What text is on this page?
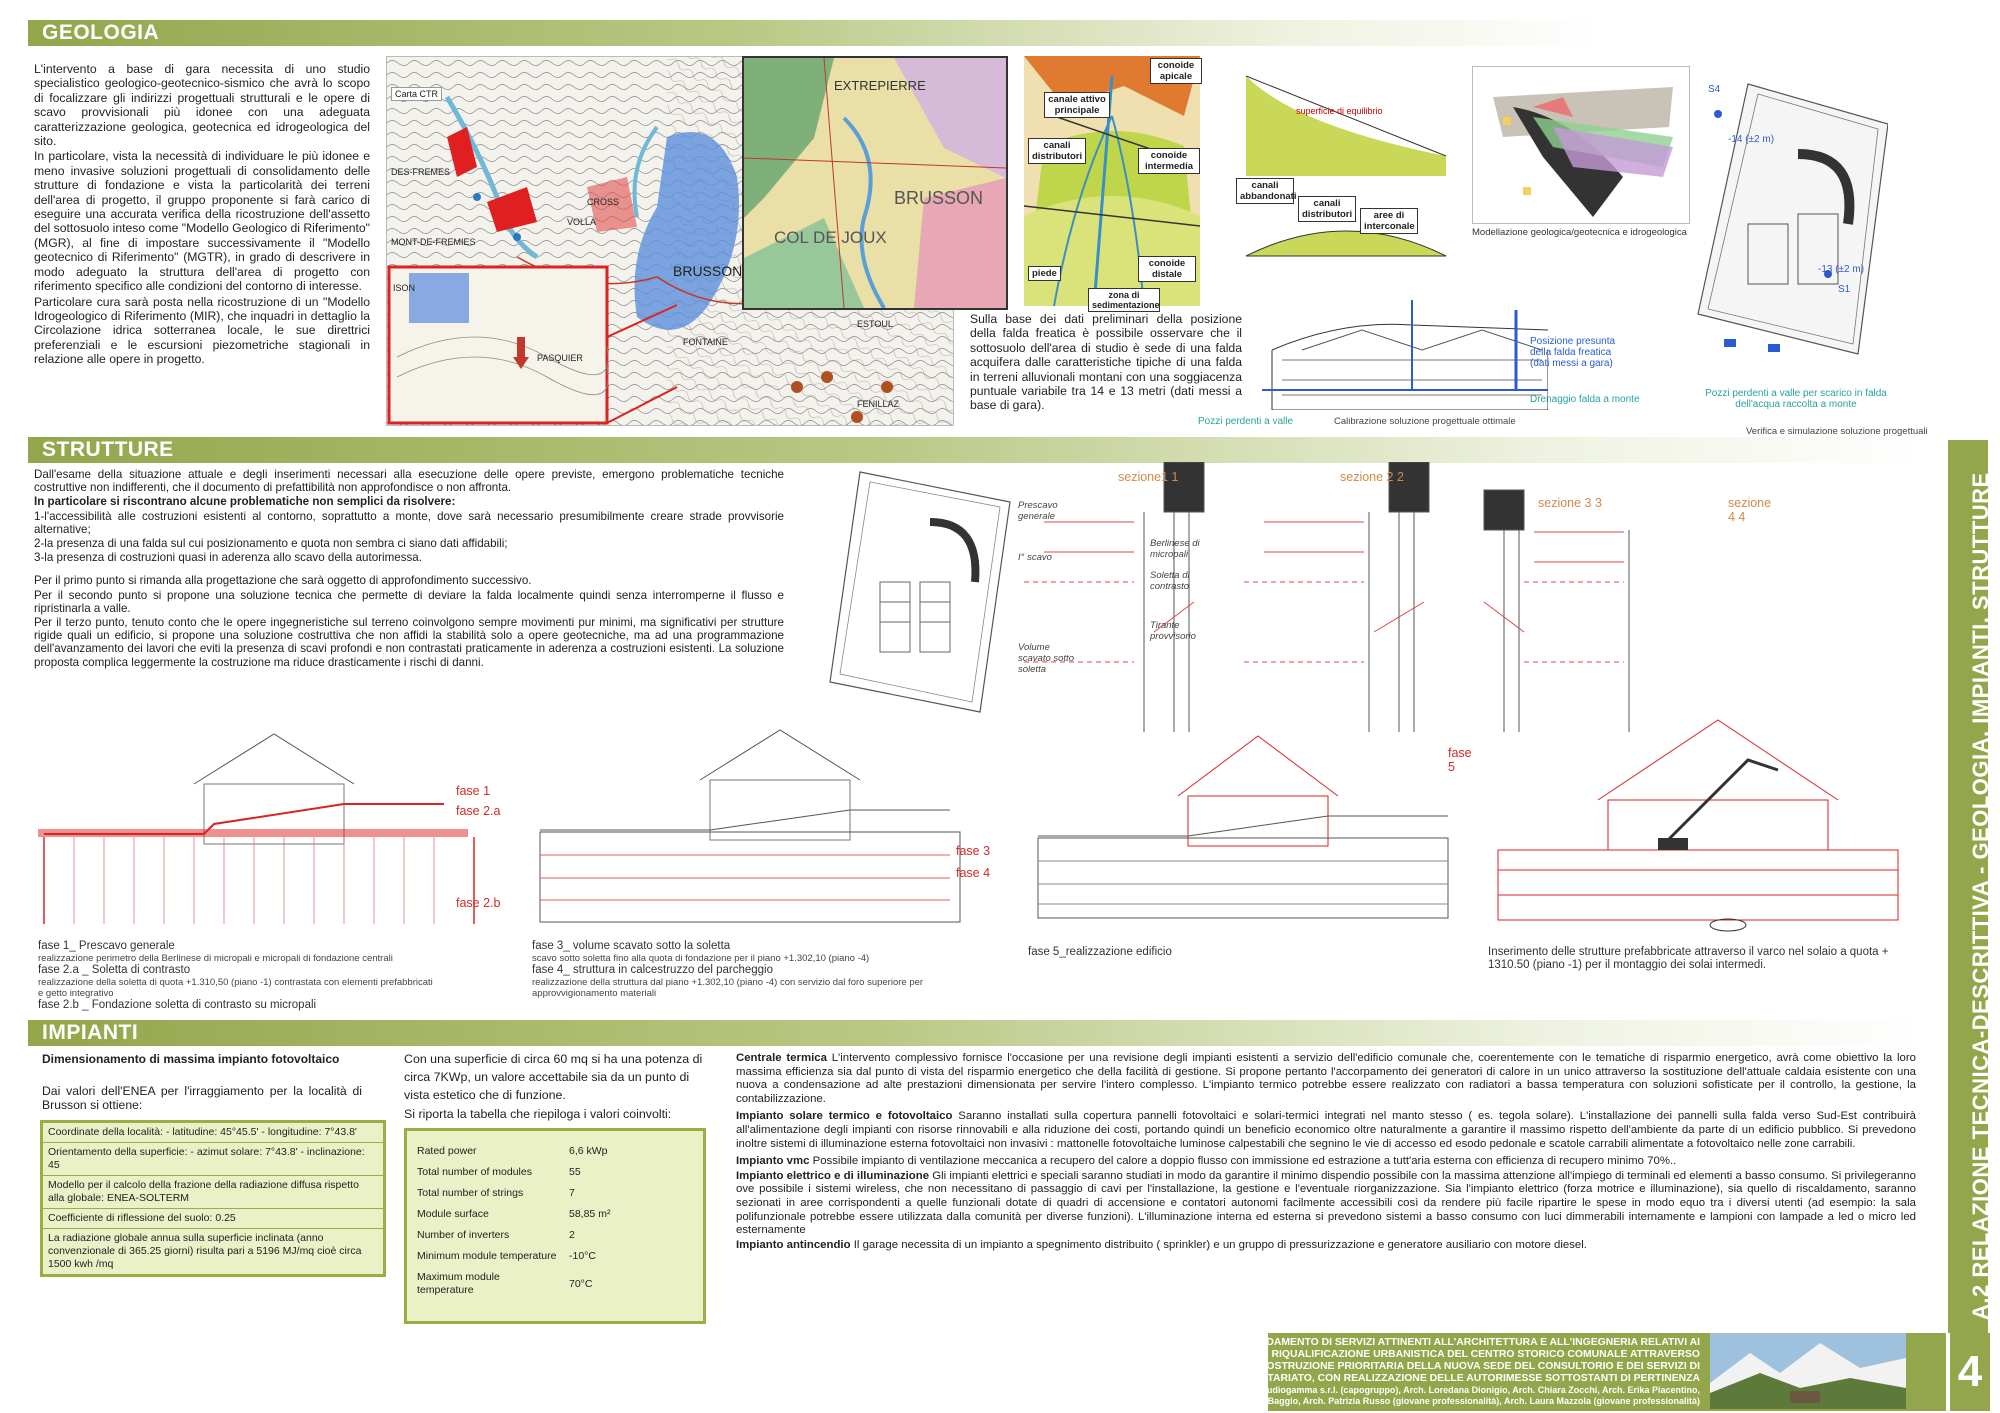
GEOLOGIA

L'intervento a base di gara necessita di uno studio specialistico geologico-geotecnico-sismico che avrà lo scopo di focalizzare gli indirizzi progettuali strutturali e le opere di scavo provvisionali più idonee con una adeguata caratterizzazione geologica, geotecnica ed idrogeologica del sito.

In particolare, vista la necessità di individuare le più idonee e meno invasive soluzioni progettuali di consolidamento delle strutture di fondazione e vista la particolarità dei terreni dell'area di progetto, il gruppo proponente si farà carico di eseguire una accurata verifica della ricostruzione dell'assetto del sottosuolo inteso come "Modello Geologico di Riferimento" (MGR), al fine di impostare successivamente il "Modello geotecnico di Riferimento" (MGTR), in grado di descrivere in modo adeguato la struttura dell'area di progetto con riferimento specifico alle condizioni del contorno di interesse.

Particolare cura sarà posta nella ricostruzione di un "Modello Idrogeologico di Riferimento (MIR), che inquadri in dettaglio la Circolazione idrica sotterranea locale, le sue direttrici preferenziali e le escursioni piezometriche stagionali in relazione alle opere in progetto.

Carta CTR
DES-FREMES
MONT-DE-FREMIES
BRUSSON
CROSS
VOLLA
ESTOUL
FENILLAZ
FONTAINE
PASQUIER
ISON
EXTREPIERRE
BRUSSON
COL DE JOUX
conoide apicale
canale attivo principale
canali distributori	conoide intermedia
conoide distale
piede
zona di sedimentazione
canali abbandonati
canali distributori	aree di interconale
superficie di equilibrio
Modellazione geologica/geotecnica e idrogeologica
S4
-14 (±2 m)
-13 (±2 m)
S1
Pozzi perdenti a valle per scarico in falda dell'acqua raccolta a monte
Verifica e simulazione soluzione progettuali
Sulla base dei dati preliminari della posizione della falda freatica è possibile osservare che il sottosuolo dell'area di studio è sede di una falda acquifera dalle caratteristiche tipiche di una falda in terreni alluvionali montani con una soggiacenza puntuale variabile tra 14 e 13 metri (dati messi a base di gara).
Posizione presunta della falda freatica (dati messi a gara)
Pozzi perdenti a valle	Calibrazione soluzione progettuale ottimale
Drenaggio falda a monte
STRUTTURE

Dall'esame della situazione attuale e degli inserimenti necessari alla esecuzione delle opere previste, emergono problematiche tecniche costruttive non indifferenti, che il documento di prefattibilità non approfondisce o non affronta.

In particolare si riscontrano alcune problematiche non semplici da risolvere:

1-l'accessibilità alle costruzioni esistenti al contorno, soprattutto a monte, dove sarà necessario presumibilmente creare strade provvisorie alternative;

2-la presenza di una falda sul cui posizionamento e quota non sembra ci siano dati affidabili;

3-la presenza di costruzioni quasi in aderenza allo scavo della autorimessa.

Per il primo punto si rimanda alla progettazione che sarà oggetto di approfondimento successivo.

Per il secondo punto si propone una soluzione tecnica che permette di deviare la falda localmente quindi senza interromperne il flusso e ripristinarla a valle.

Per il terzo punto, tenuto conto che le opere ingegneristiche sul terreno coinvolgono sempre movimenti pur minimi, ma significativi per strutture rigide quali un edificio, si propone una soluzione costruttiva che non affidi la stabilità solo a opere geotecniche, ma ad una programmazione dell'avanzamento dei lavori che eviti la presenza di scavi profondi e non contrastati praticamente in aderenza a costruzioni esistenti. La soluzione proposta complica leggermente la costruzione ma riduce drasticamente i rischi di danni.

sezione1 1	sezione 2 2
sezione 3 3	sezione 4 4
Prescavo generale
Berlinese di micropali
Soletta di contrasto
Tirante provvisorio
I° scavo
Volume scavato sotto soletta
fase 1
fase 2.a
fase 2.b
fase 3
fase 4
fase 5
fase 1_ Prescavo generale
realizzazione perimetro della Berlinese di micropali e micropali di fondazione centrali
fase 2.a _ Soletta di contrasto
realizzazione della soletta di quota +1.310,50 (piano -1) contrastata con elementi prefabbricati e getto integrativo
fase 2.b _ Fondazione soletta di contrasto su micropali
fase 3_ volume scavato sotto la soletta
scavo sotto soletta fino alla quota di fondazione per il piano +1.302,10 (piano -4)
fase 4_ struttura in calcestruzzo del parcheggio
realizzazione della struttura dal piano +1.302,10 (piano -4) con servizio dal foro superiore per approvvigionamento materiali
fase 5_realizzazione edificio	Inserimento delle strutture prefabbricate attraverso il varco nel solaio a quota + 1310.50 (piano -1) per il montaggio dei solai intermedi.
IMPIANTI
Dimensionamento di massima impianto fotovoltaico
Dai valori dell'ENEA per l'irraggiamento per la località di Brusson si ottiene:
Coordinate della località: - latitudine: 45°45.5' - longitudine: 7°43.8'
Orientamento della superficie: - azimut solare: 7°43.8' - inclinazione: 45
Modello per il calcolo della frazione della radiazione diffusa rispetto alla globale: ENEA-SOLTERM
Coefficiente di riflessione del suolo: 0.25
La radiazione globale annua sulla superficie inclinata (anno convenzionale di 365.25 giorni) risulta pari a 5196 MJ/mq cioè circa 1500 kwh /mq

Con una superficie di circa 60 mq si ha una potenza di circa 7KWp, un valore accettabile sia da un punto di vista estetico che di funzione.

Si riporta la tabella che riepiloga i valori coinvolti:

Rated power	6,6 kWp
Total number of modules	55
Total number of strings	7
Module surface	58,85 m²
Number of inverters	2
Minimum module temperature	-10°C
Maximum module temperature	70°C

Centrale termica L'intervento complessivo fornisce l'occasione per una revisione degli impianti esistenti a servizio dell'edificio comunale che, coerentemente con le tematiche di risparmio energetico, avrà come obiettivo la loro massima efficienza sia dal punto di vista del risparmio energetico che della facilità di gestione. Si propone pertanto l'accorpamento dei generatori di calore in un unico attraverso la sostituzione dell'attuale caldaia esistente con una nuova a condensazione ad alte prestazioni dimensionata per servire l'intero complesso. L'impianto termico potrebbe essere realizzato con radiatori a bassa temperatura con soluzioni sofisticate per il controllo, la gestione, la contabilizzazione.

Impianto solare termico e fotovoltaico Saranno installati sulla copertura pannelli fotovoltaici e solari-termici integrati nel manto stesso ( es. tegola solare). L'installazione dei pannelli sulla falda verso Sud-Est contribuirà all'alimentazione degli impianti con risorse rinnovabili e alla riduzione dei costi, portando quindi un beneficio economico oltre naturalmente a garantire il massimo rispetto dell'ambiente da parte di un edificio pubblico. Si prevedono inoltre sistemi di illuminazione esterna fotovoltaici non invasivi : mattonelle fotovoltaiche luminose calpestabili che segnino le vie di accesso ed esodo pedonale e scatole carrabili alimentate a fotovoltaico nelle zone carrabili.

Impianto vmc Possibile impianto di ventilazione meccanica a recupero del calore a doppio flusso con immissione ed estrazione a tutt'aria esterna con efficienza di recupero minimo 70%..

Impianto elettrico e di illuminazione Gli impianti elettrici e speciali saranno studiati in modo da garantire il minimo dispendio possibile con la massima attenzione all'impiego di terminali ed elementi a basso consumo. Si privilegeranno ove possibile i sistemi wireless, che non necessitano di passaggio di cavi per l'installazione, la gestione e l'eventuale riorganizzazione. Sia l'impianto elettrico (forza motrice e illuminazione), sia quello di riscaldamento, saranno sezionati in aree corrispondenti a quelle funzionali dotate di quadri di accensione e contatori autonomi facilmente accessibili così da rendere più facile ripartire le spese in modo equo tra i diversi utenti (ad esempio: la sala polifunzionale potrebbe essere utilizzata dalla comunità per diverse funzioni). L'illuminazione interna ed esterna si prevedono sistemi a basso consumo con luci dimmerabili internamente e lampioni con lampade a led o micro led esternamente

Impianto antincendio Il garage necessita di un impianto a spegnimento distribuito ( sprinkler) e un gruppo di pressurizzazione e generatore ausiliario con motore diesel.	A.2 RELAZIONE TECNICA-DESCRITTIVA - GEOLOGIA, IMPIANTI, STRUTTURE
AFFIDAMENTO DI SERVIZI ATTINENTI ALL'ARCHITETTURA E ALL'INGEGNERIA RELATIVI AI
LAVORI DI RIQUALIFICAZIONE URBANISTICA DEL CENTRO STORICO COMUNALE ATTRAVERSO
LA COSTRUZIONE PRIORITARIA DELLA NUOVA SEDE DEL CONSULTORIO E DEI SERVIZI DI
VOLONTARIATO, CON REALIZZAZIONE DELLE AUTORIMESSE SOTTOSTANTI DI PERTINENZA
A.T.P.: Studiogamma s.r.l. (capogruppo), Arch. Loredana Dionigio, Arch. Chiara Zocchi, Arch. Erika Piacentino,
Geol. Paolo Baggio, Arch. Patrizia Russo (giovane professionalità), Arch. Laura Mazzola (giovane professionalità)
4
